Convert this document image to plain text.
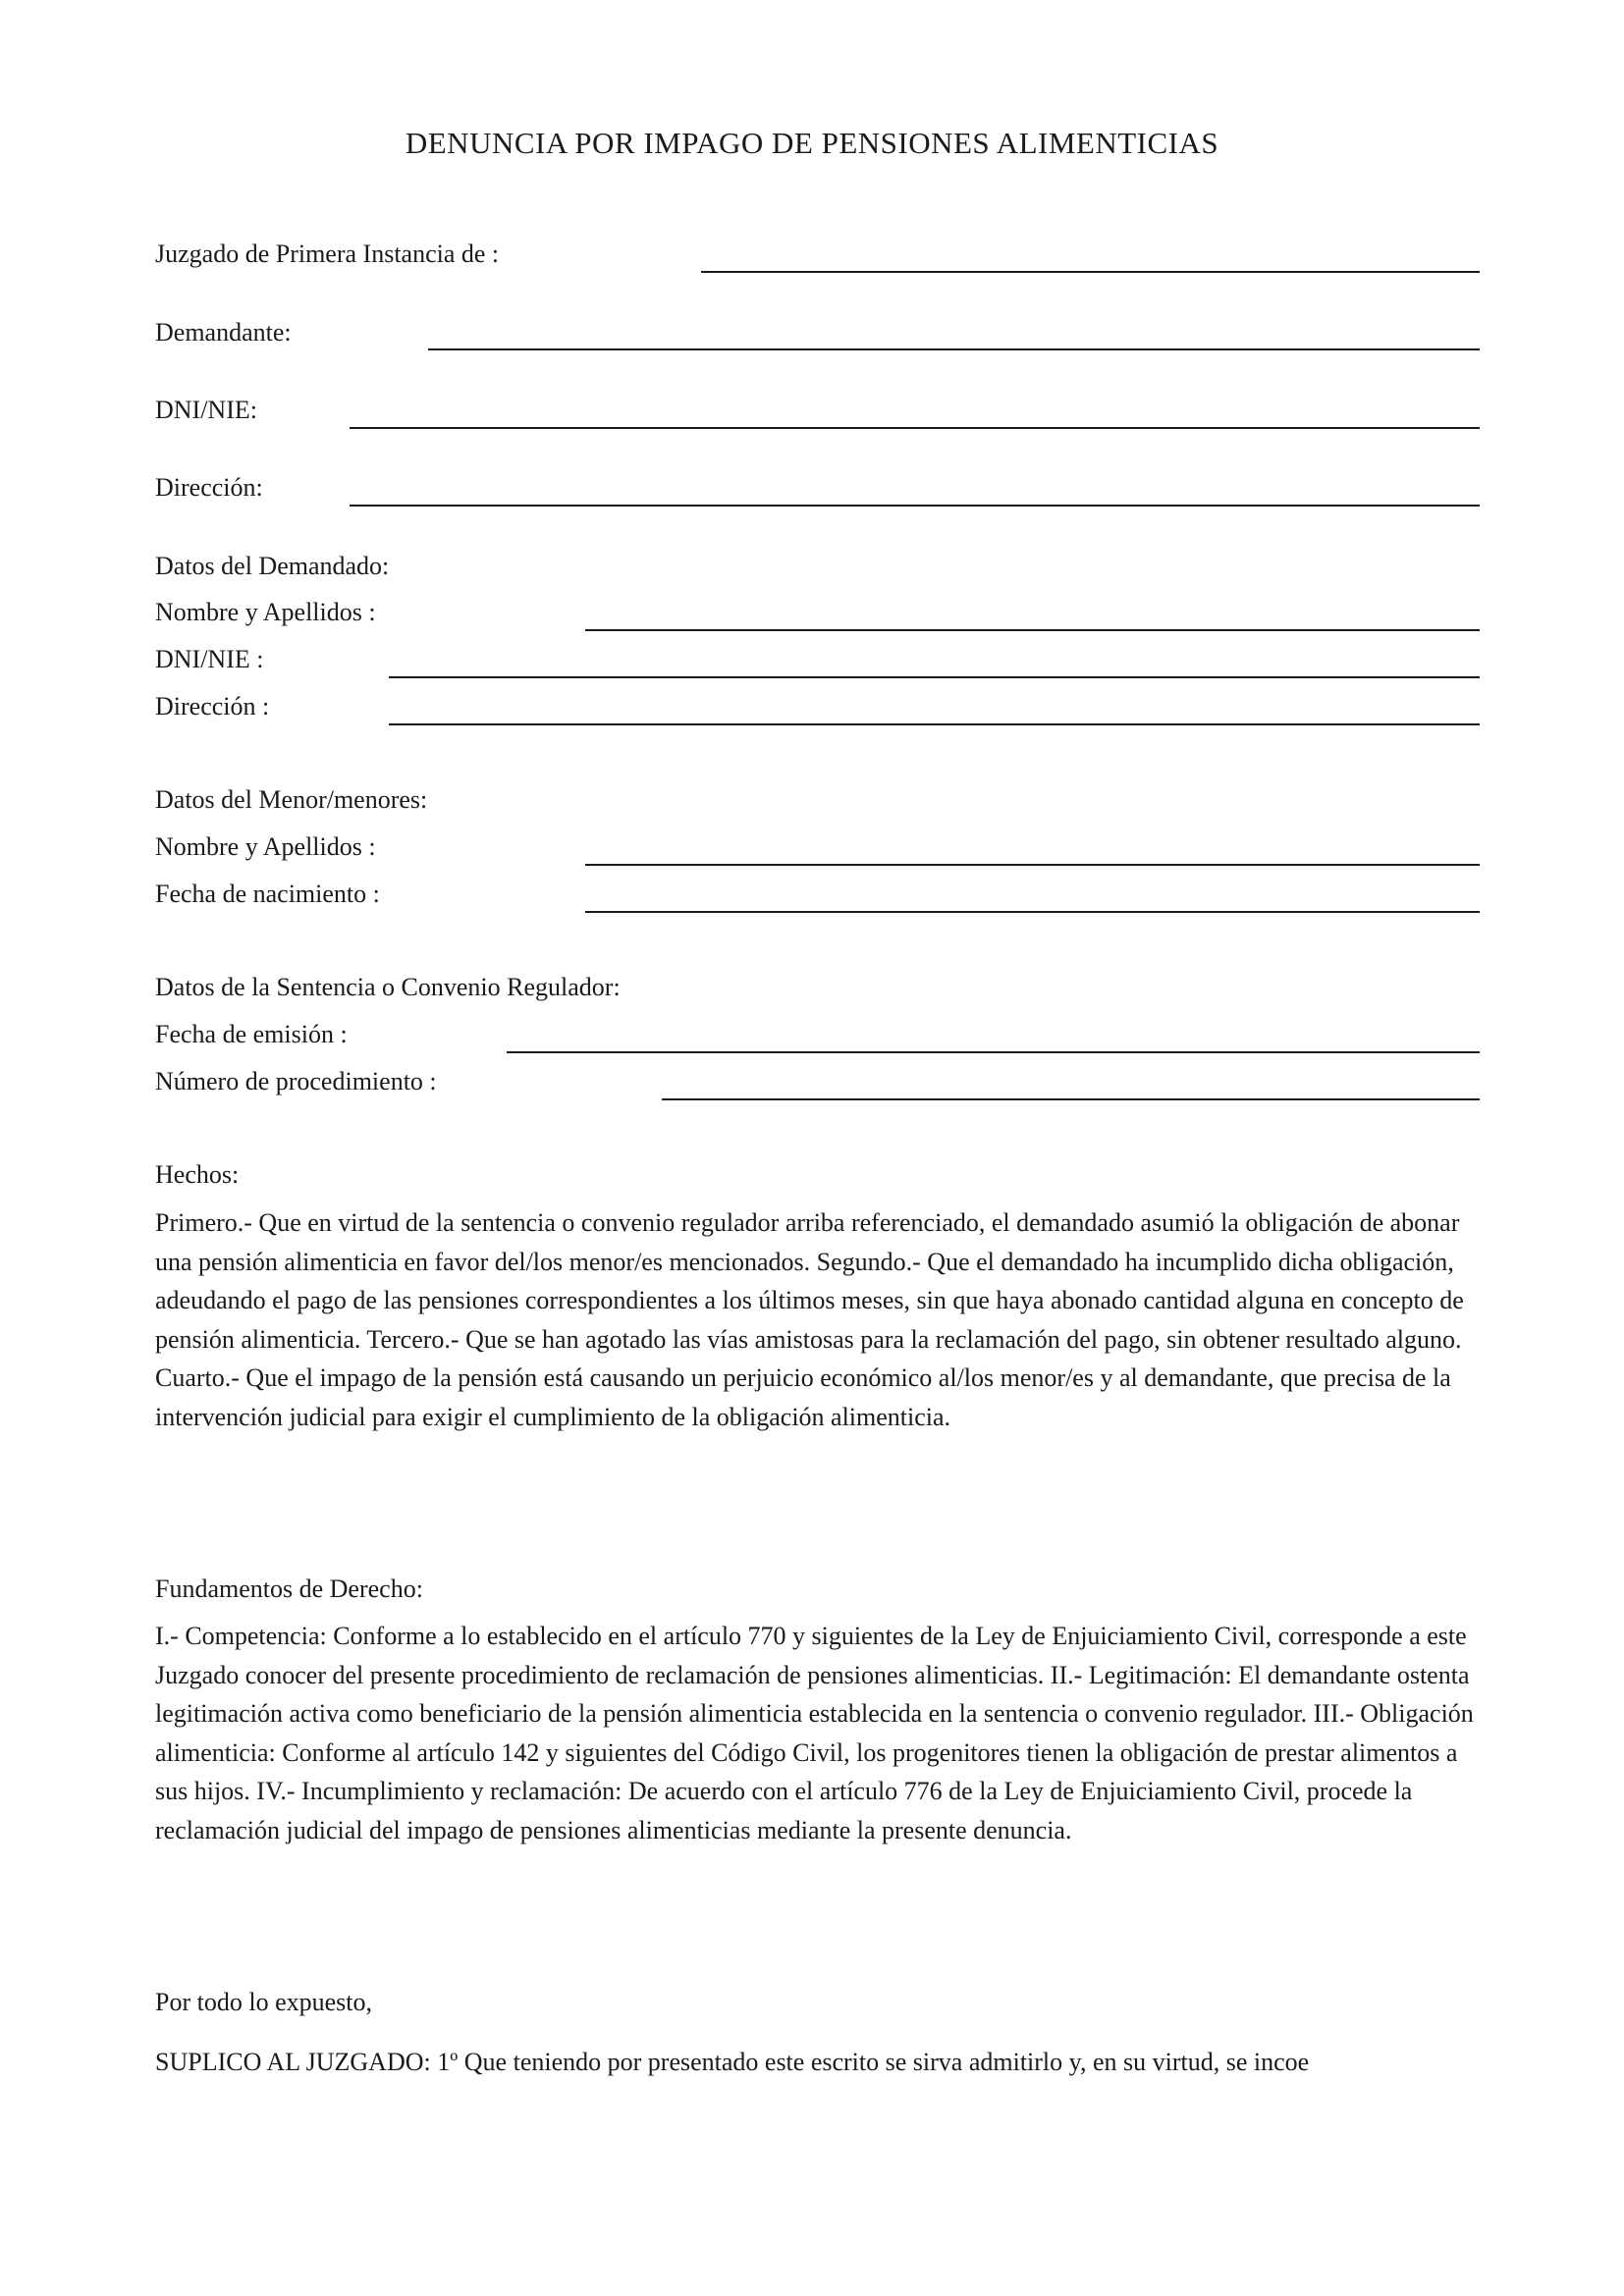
DENUNCIA POR IMPAGO DE PENSIONES ALIMENTICIAS
Juzgado de Primera Instancia de :
Demandante:
DNI/NIE:
Dirección:
Datos del Demandado:
Nombre y Apellidos :
DNI/NIE :
Dirección :
Datos del Menor/menores:
Nombre y Apellidos :
Fecha de nacimiento :
Datos de la Sentencia o Convenio Regulador:
Fecha de emisión :
Número de procedimiento :
Hechos:

Primero.- Que en virtud de la sentencia o convenio regulador arriba referenciado, el demandado asumió la obligación de abonar una pensión alimenticia en favor del/los menor/es mencionados. Segundo.- Que el demandado ha incumplido dicha obligación, adeudando el pago de las pensiones correspondientes a los últimos meses, sin que haya abonado cantidad alguna en concepto de pensión alimenticia. Tercero.- Que se han agotado las vías amistosas para la reclamación del pago, sin obtener resultado alguno. Cuarto.- Que el impago de la pensión está causando un perjuicio económico al/los menor/es y al demandante, que precisa de la intervención judicial para exigir el cumplimiento de la obligación alimenticia.

Fundamentos de Derecho:

I.- Competencia: Conforme a lo establecido en el artículo 770 y siguientes de la Ley de Enjuiciamiento Civil, corresponde a este Juzgado conocer del presente procedimiento de reclamación de pensiones alimenticias. II.- Legitimación: El demandante ostenta legitimación activa como beneficiario de la pensión alimenticia establecida en la sentencia o convenio regulador. III.- Obligación alimenticia: Conforme al artículo 142 y siguientes del Código Civil, los progenitores tienen la obligación de prestar alimentos a sus hijos. IV.- Incumplimiento y reclamación: De acuerdo con el artículo 776 de la Ley de Enjuiciamiento Civil, procede la reclamación judicial del impago de pensiones alimenticias mediante la presente denuncia.

Por todo lo expuesto,

SUPLICO AL JUZGADO: 1º Que teniendo por presentado este escrito se sirva admitirlo y, en su virtud, se incoe
